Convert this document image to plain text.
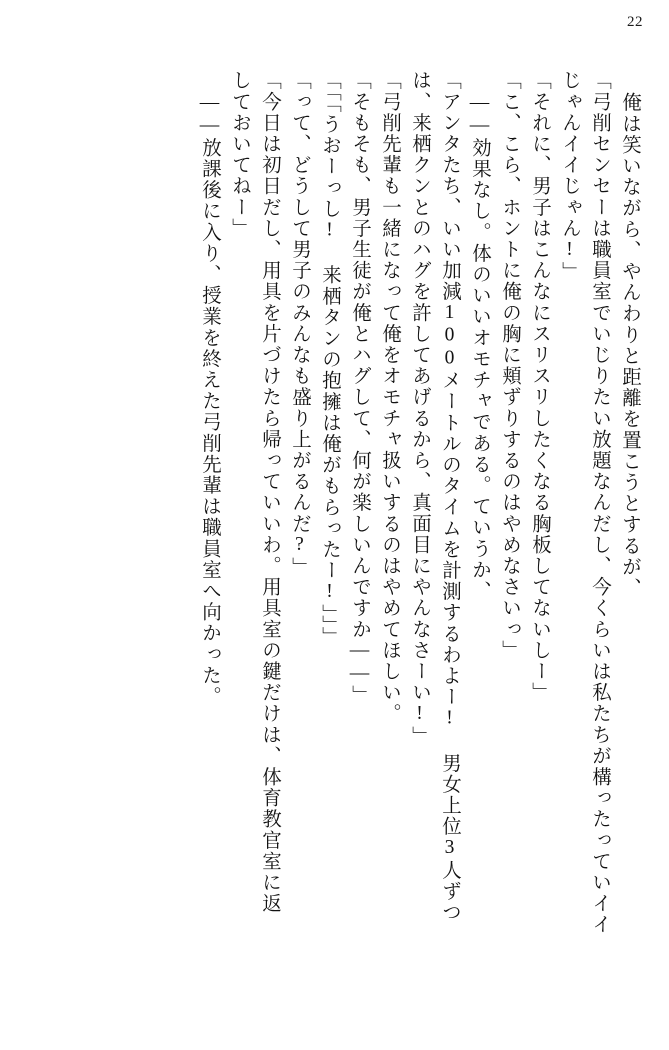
22
俺は笑いながら、やんわりと距離を置こうとするが、
「弓削センセーは職員室でいじりたい放題なんだし、今くらいは私たちが構ったっていイイ
じゃんイイじゃん!」
「それに、男子はこんなにスリスリしたくなる胸板してないしー」
「こ、こら、ホントに俺の胸に頬ずりするのはやめなさいっ」
——効果なし。体のいいオモチャである。ていうか、
「アンタたち、いい加減100メートルのタイムを計測するわよー! 男女上位3人ずつ
は、来栖クンとのハグを許してあげるから、真面目にやんなさーい!」
「弓削先輩も一緒になって俺をオモチャ扱いするのはやめてほしい。
「そもそも、男子生徒が俺とハグして、何が楽しいんですか——」
「「「うおーっし! 来栖タンの抱擁は俺がもらったー!」」」
「って、どうして男子のみんなも盛り上がるんだ?」
「今日は初日だし、用具を片づけたら帰っていいわ。用具室の鍵だけは、体育教官室に返
しておいてねー」
——放課後に入り、授業を終えた弓削先輩は職員室へ向かった。
